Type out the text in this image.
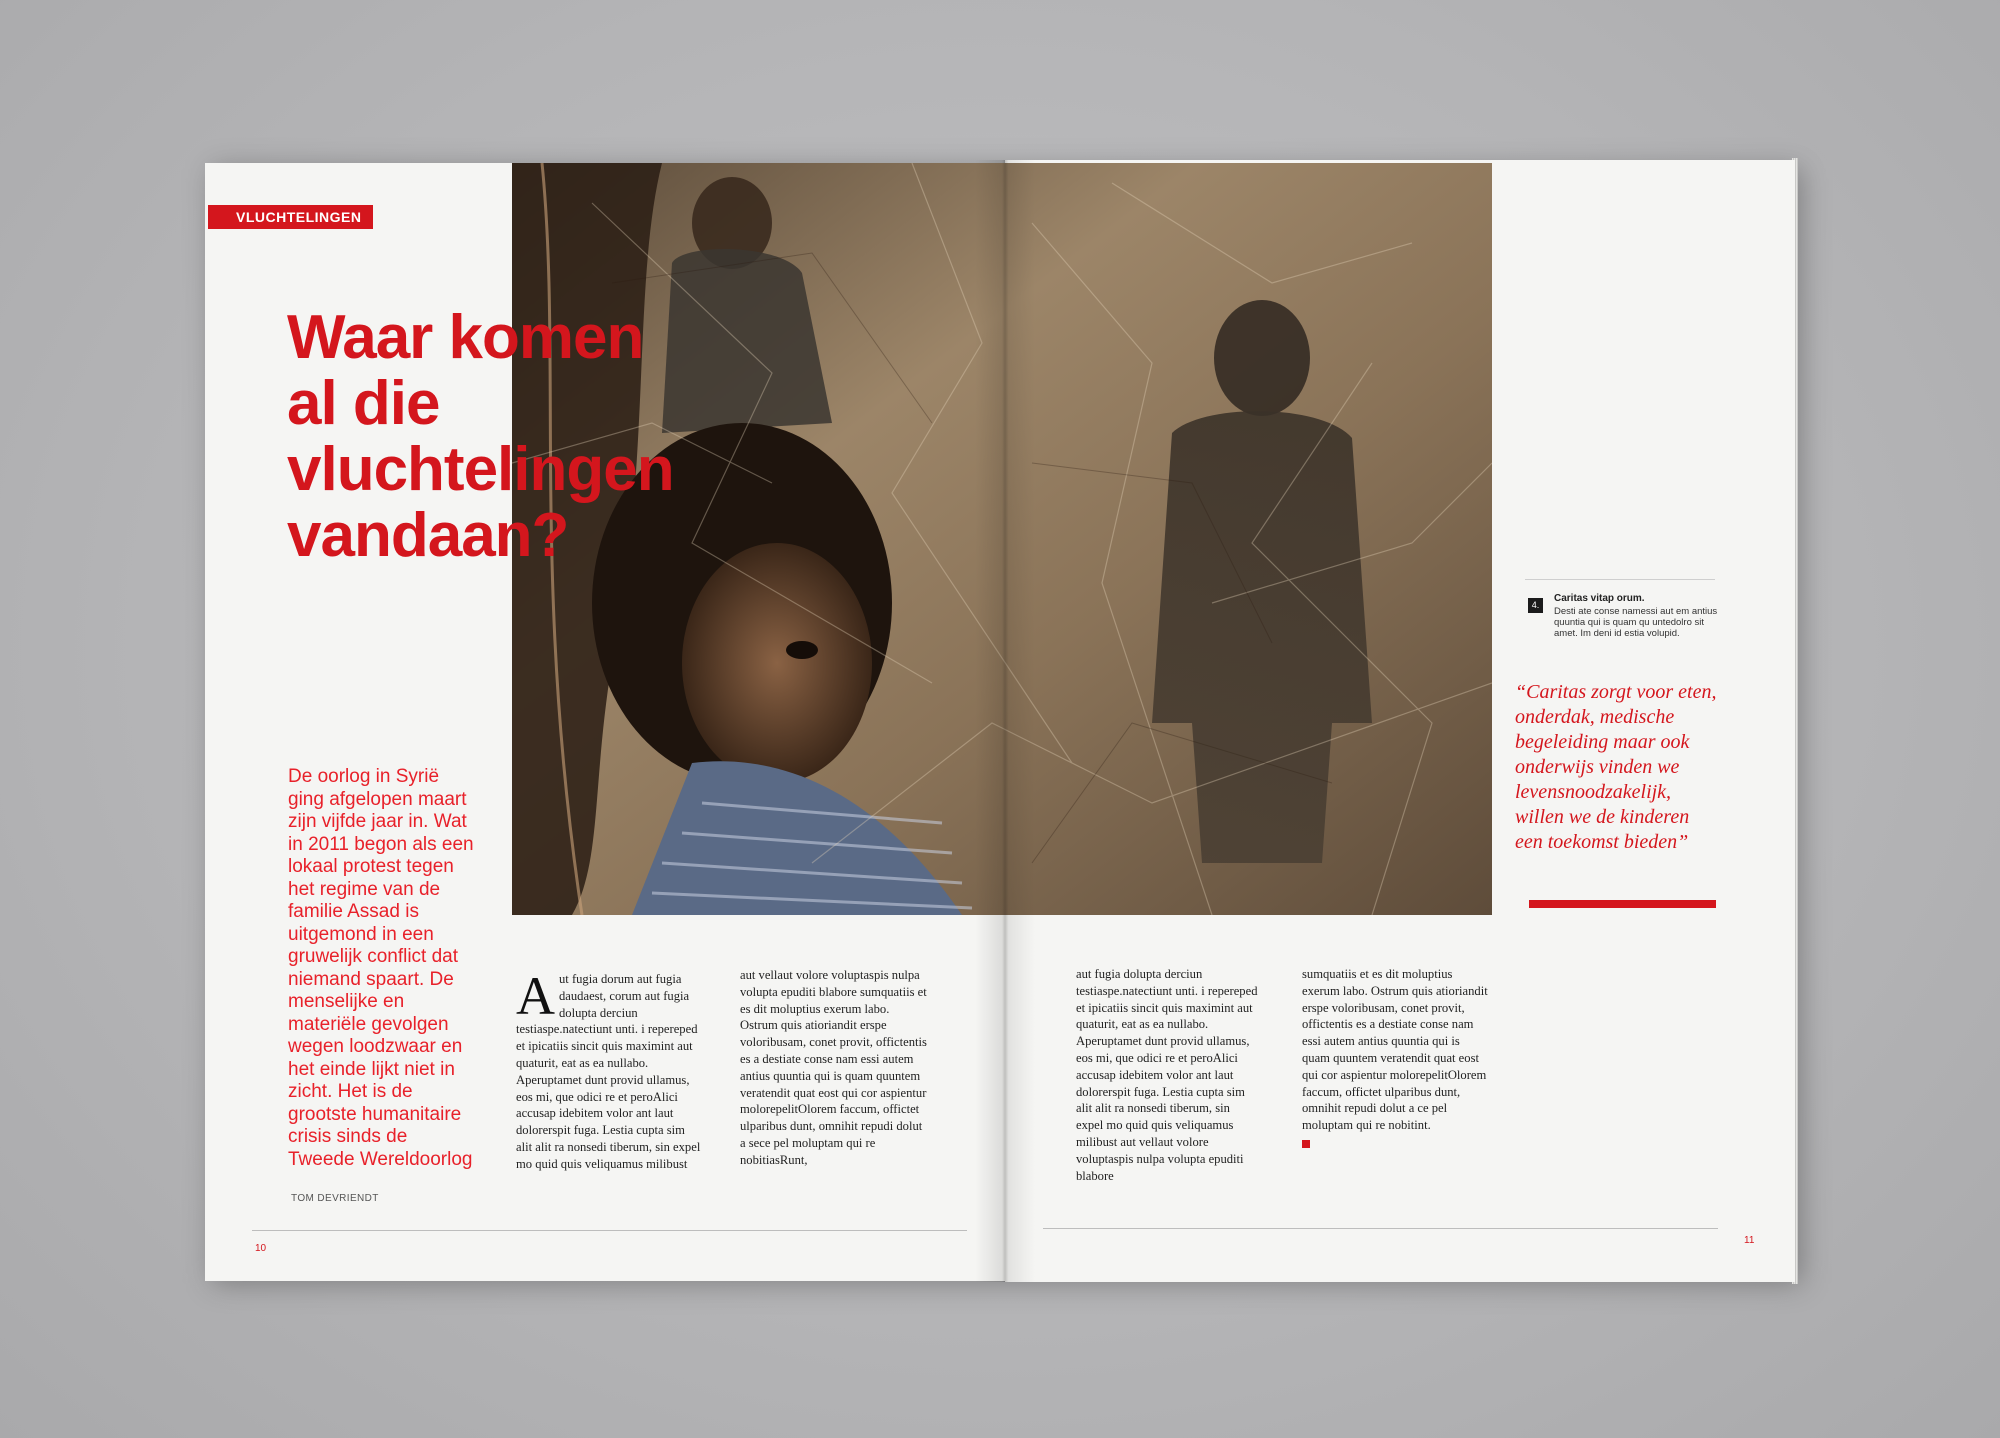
VLUCHTELINGEN
Waar komen
al die
vluchtelingen
vandaan?

De oorlog in Syrië ging afgelopen maart zijn vijfde jaar in. Wat in 2011 begon als een lokaal protest tegen het regime van de familie Assad is uitgemond in een gruwelijk conflict dat niemand spaart. De menselijke en materiële gevolgen wegen loodzwaar en het einde lijkt niet in zicht. Het is de grootste humanitaire crisis sinds de Tweede Wereldoorlog

TOM DEVRIENDT

Aut fugia dorum aut fugia daudaest, corum aut fugia dolupta derciun testiaspe.natectiunt unti. i repereped et ipicatiis sincit quis maximint aut quaturit, eat as ea nullabo. Aperuptamet dunt provid ullamus, eos mi, que odici re et peroAlici accusap idebitem volor ant laut dolorerspit fuga. Lestia cupta sim alit alit ra nonsedi tiberum, sin expel mo quid quis veliquamus milibust

aut vellaut volore voluptaspis nulpa volupta epuditi blabore sumquatiis et es dit moluptius exerum labo. Ostrum quis atioriandit erspe voloribusam, conet provit, offictentis es a destiate conse nam essi autem antius quuntia qui is quam quuntem veratendit quat eost qui cor aspientur molorepelitOlorem faccum, offictet ulparibus dunt, omnihit repudi dolut a sece pel moluptam qui re nobitiasRunt,

aut fugia dolupta derciun testiaspe.natectiunt unti. i repereped et ipicatiis sincit quis maximint aut quaturit, eat as ea nullabo. Aperuptamet dunt provid ullamus, eos mi, que odici re et peroAlici accusap idebitem volor ant laut dolorerspit fuga. Lestia cupta sim alit alit ra nonsedi tiberum, sin expel mo quid quis veliquamus milibust aut vellaut volore voluptaspis nulpa volupta epuditi blabore

sumquatiis et es dit moluptius exerum labo. Ostrum quis atioriandit erspe voloribusam, conet provit, offictentis es a destiate conse nam essi autem antius quuntia qui is quam quuntem veratendit quat eost qui cor aspientur molorepelitOlorem faccum, offictet ulparibus dunt, omnihit repudi dolut a ce pel moluptam qui re nobitint.

10
11
4.
Caritas vitap orum.

Desti ate conse namessi aut em antius quuntia qui is quam qu untedolro sit amet. Im deni id estia volupid.

“Caritas zorgt voor eten, onderdak, medische begeleiding maar ook onderwijs vinden we levensnoodzakelijk, willen we de kinderen een toekomst bieden”
